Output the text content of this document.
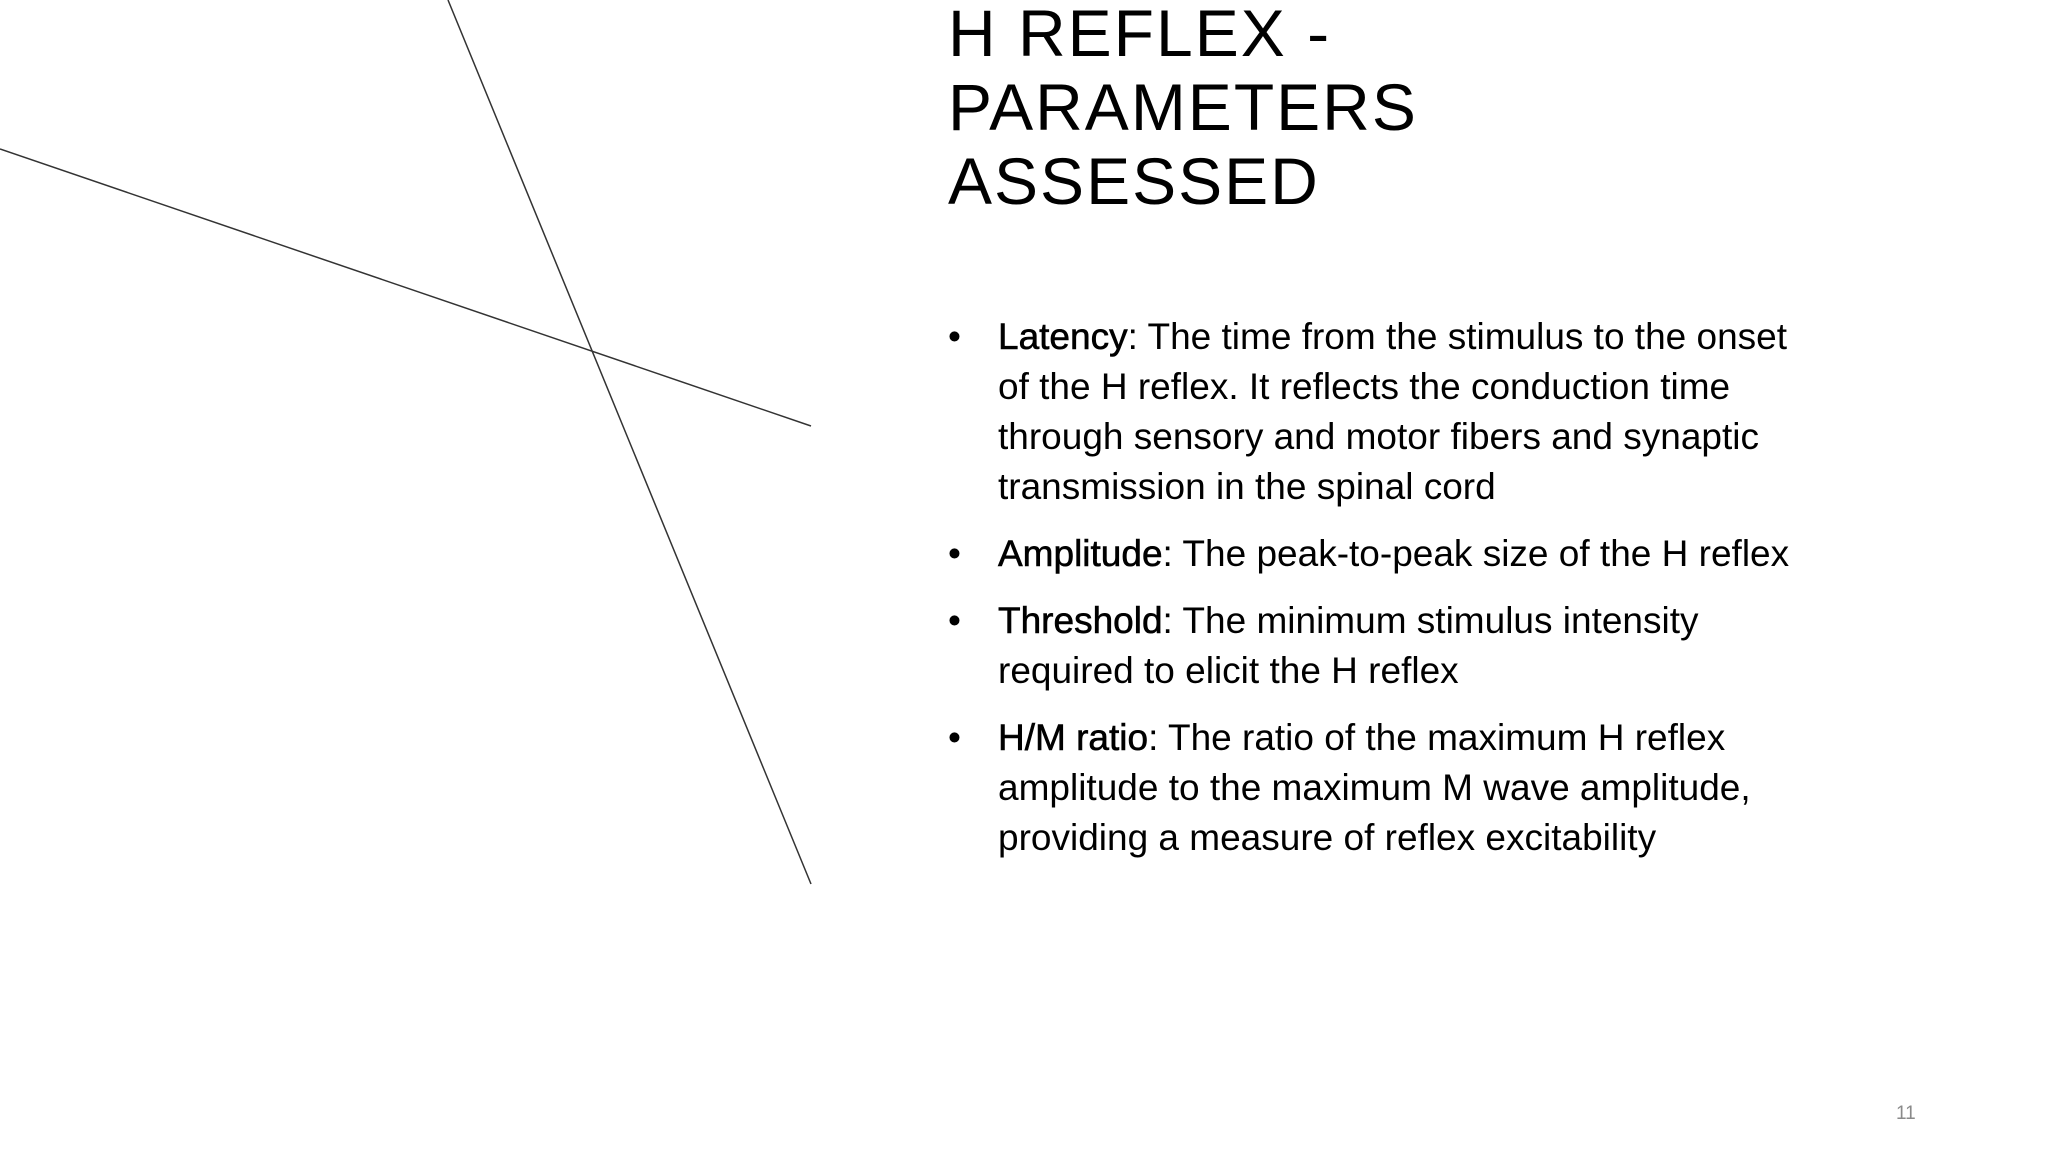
H REFLEX -
PARAMETERS
ASSESSED
• Latency: The time from the stimulus to the onset of the H reflex. It reflects the conduction time through sensory and motor fibers and synaptic transmission in the spinal cord
• Amplitude: The peak-to-peak size of the H reflex
• Threshold: The minimum stimulus intensity required to elicit the H reflex
• H/M ratio: The ratio of the maximum H reflex amplitude to the maximum M wave amplitude, providing a measure of reflex excitability
11
